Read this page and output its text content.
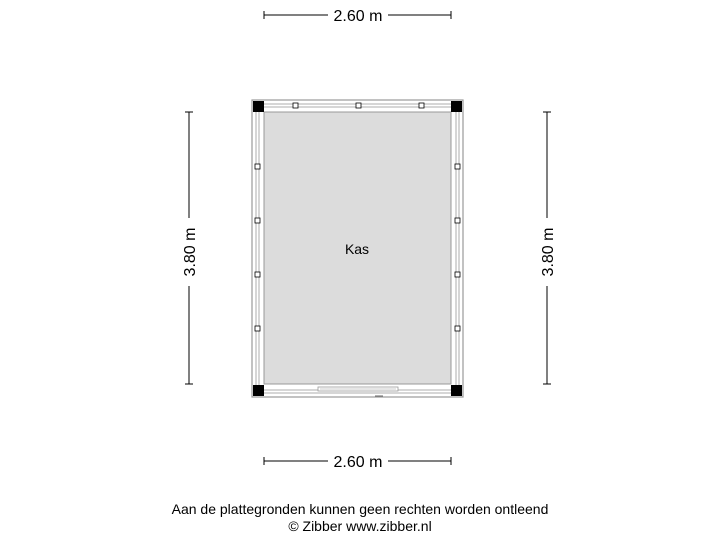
2.60 m
2.60 m
3.80 m	3.80 m
Kas
Aan de plattegronden kunnen geen rechten worden ontleend
© Zibber www.zibber.nl
